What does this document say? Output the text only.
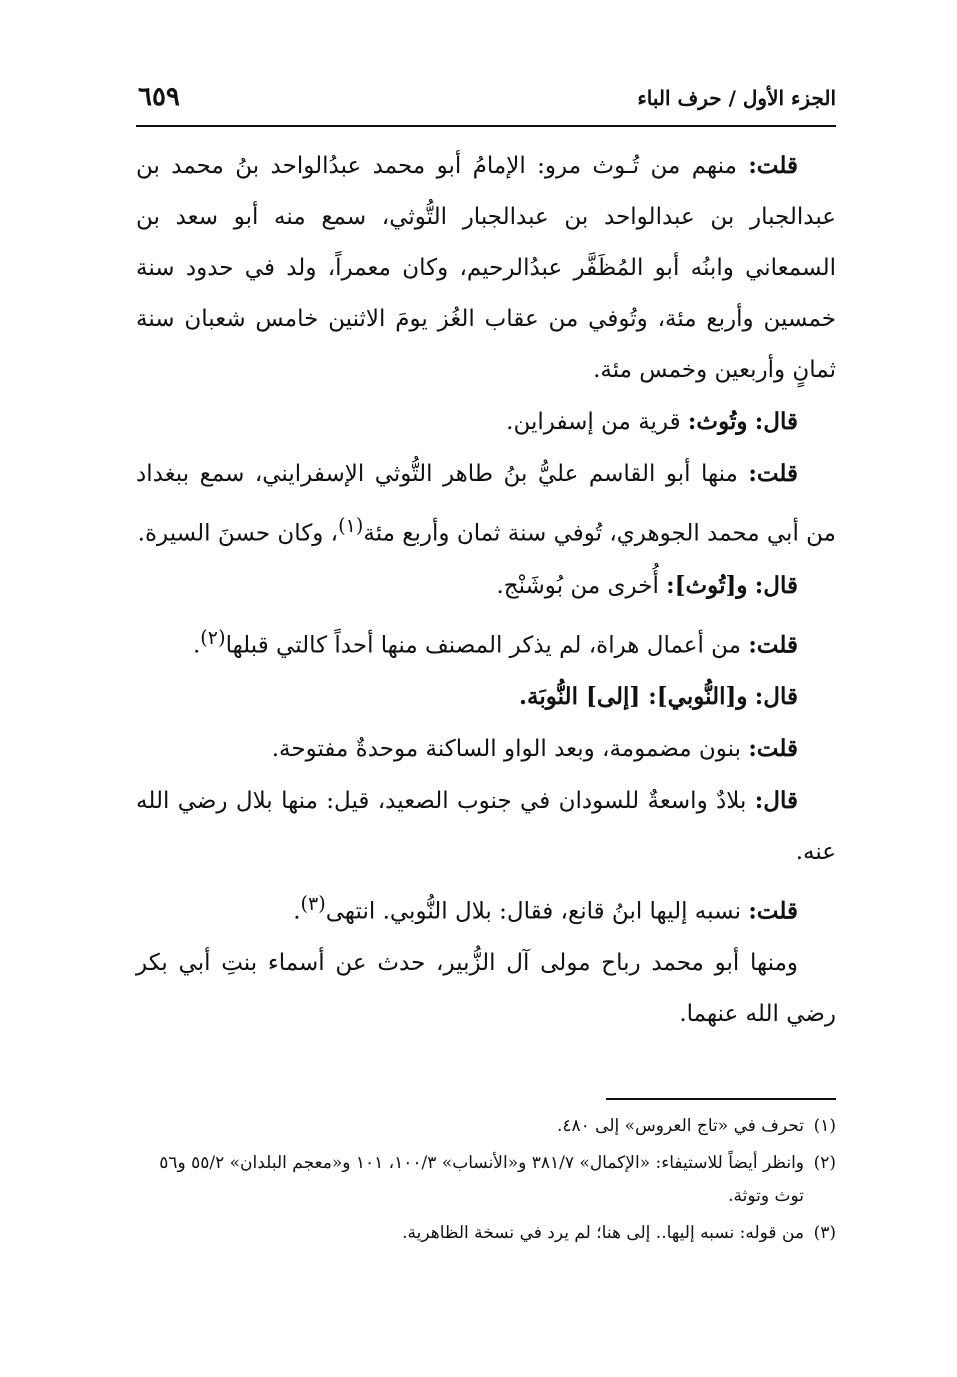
الجزء الأول / حرف الباء
٦٥٩

قلت: منهم من تُـوث مرو: الإمامُ أبو محمد عبدُالواحد بنُ محمد بن عبدالجبار بن عبدالواحد بن عبدالجبار التُّوثي، سمع منه أبو سعد بن السمعاني وابنُه أبو المُظَفَّر عبدُالرحيم، وكان معمراً، ولد في حدود سنة خمسين وأربع مئة، وتُوفي من عقاب الغُز يومَ الاثنين خامس شعبان سنة ثمانٍ وأربعين وخمس مئة.

قال: وتُوث: قرية من إسفراين.

قلت: منها أبو القاسم عليُّ بنُ طاهر التُّوثي الإسفرايني، سمع ببغداد من أبي محمد الجوهري، تُوفي سنة ثمان وأربع مئة$^{(١)}$، وكان حسنَ السيرة.

قال: و[تُوث]: أُخرى من بُوشَنْج.

قلت: من أعمال هراة، لم يذكر المصنف منها أحداً كالتي قبلها$^{(٢)}$.

قال: و[النُّوبي]: [إلى] النُّوبَة.

قلت: بنون مضمومة، وبعد الواو الساكنة موحدةٌ مفتوحة.

قال: بلادٌ واسعةٌ للسودان في جنوب الصعيد، قيل: منها بلال رضي الله عنه.

قلت: نسبه إليها ابنُ قانع، فقال: بلال النُّوبي. انتهى$^{(٣)}$.

ومنها أبو محمد رباح مولى آل الزُّبير، حدث عن أسماء بنتِ أبي بكر رضي الله عنهما.

(١)تحرف في «تاج العروس» إلى ٤٨٠.

(٢)وانظر أيضاً للاستيفاء: «الإكمال» ٣٨١/٧ و«الأنساب» ١٠٠/٣، ١٠١ و«معجم البلدان» ٥٥/٢ و٥٦ توث وتوثة.

(٣)من قوله: نسبه إليها.. إلى هنا؛ لم يرد في نسخة الظاهرية.
